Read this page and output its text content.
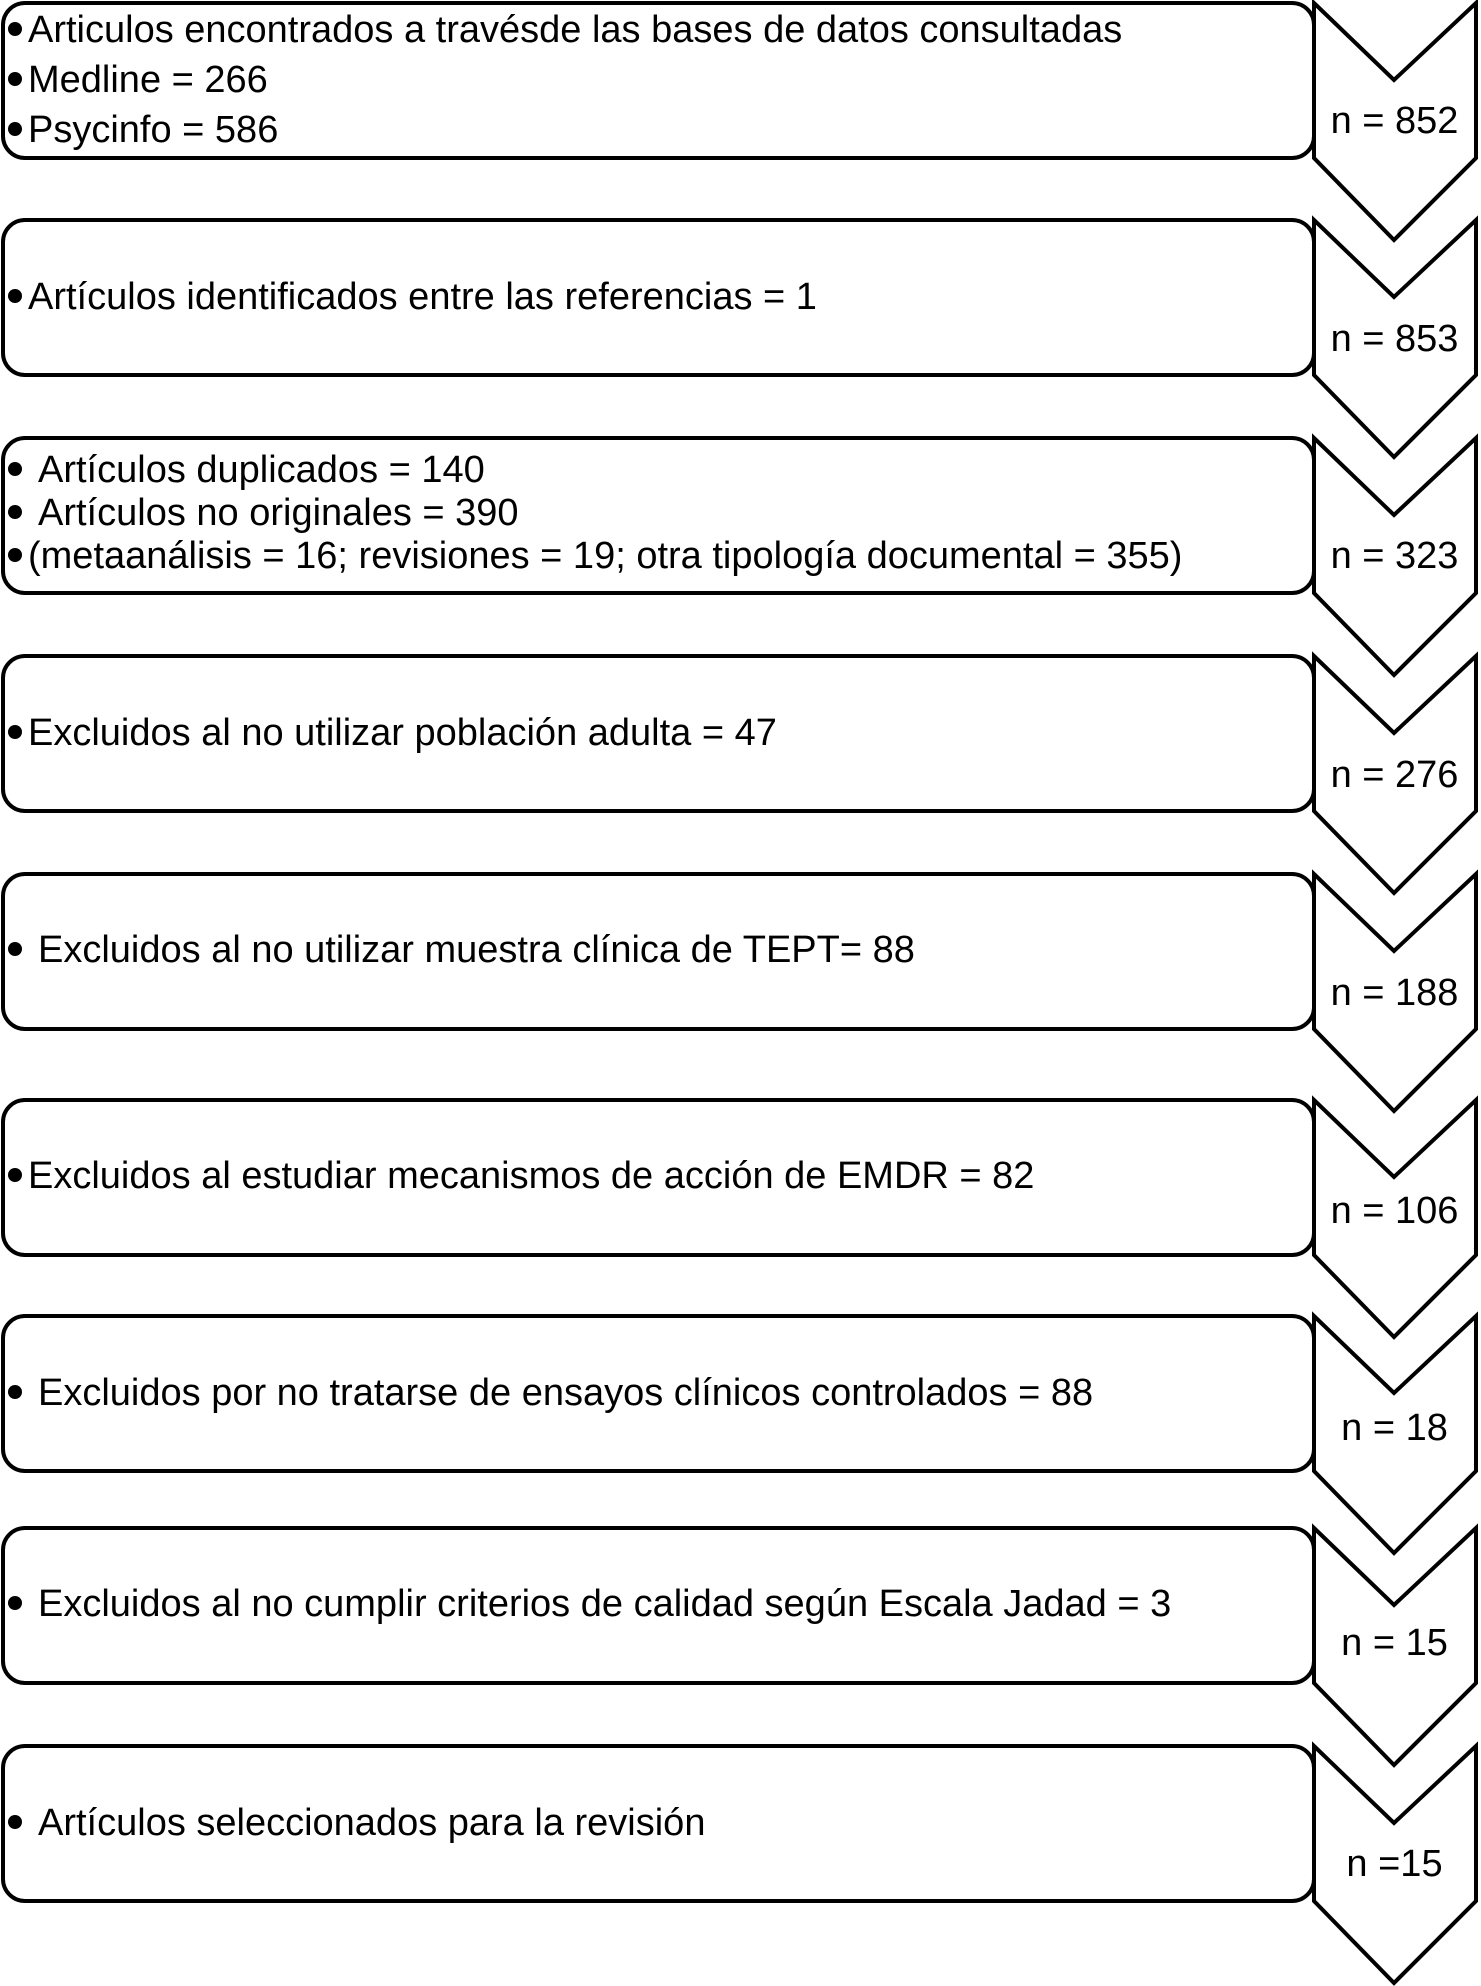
Articulos encontrados a travésde las bases de datos consultadas
Medline = 266
Psycinfo = 586	n = 852
Artículos identificados entre las referencias = 1
n = 853
Artículos duplicados = 140
Artículos no originales = 390
(metaanálisis = 16; revisiones = 19; otra tipología documental = 355)	n = 323
Excluidos al no utilizar población adulta = 47
n = 276
Excluidos al no utilizar muestra clínica de TEPT= 88
n = 188
Excluidos al estudiar mecanismos de acción de EMDR = 82
n = 106
Excluidos por no tratarse de ensayos clínicos controlados = 88
n = 18
Excluidos al no cumplir criterios de calidad según Escala Jadad = 3
n = 15
Artículos seleccionados para la revisión
n =15
